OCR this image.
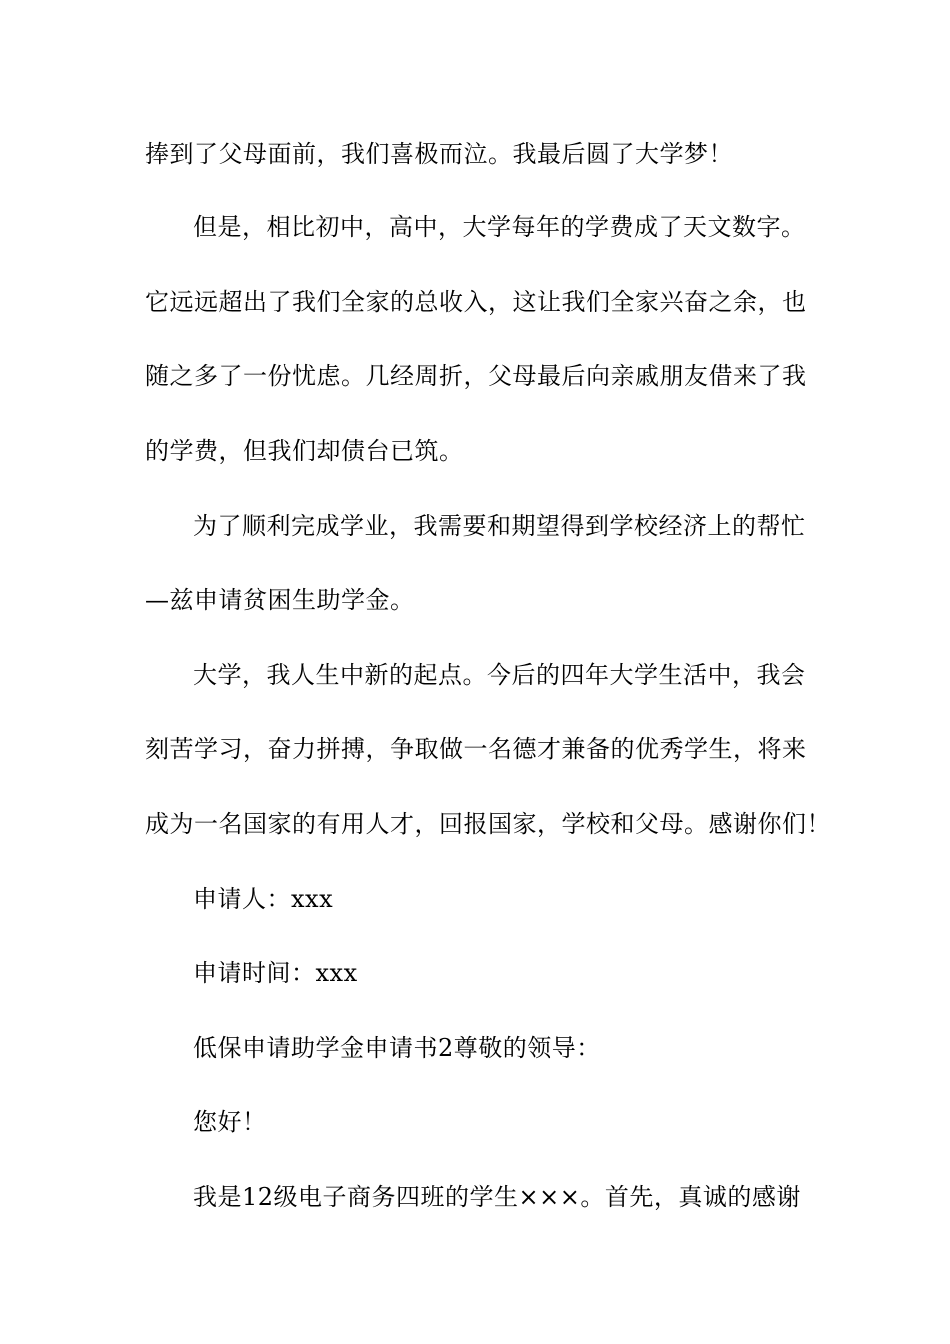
捧到了父母面前，我们喜极而泣。我最后圆了大学梦！
但是，相比初中，高中，大学每年的学费成了天文数字。
它远远超出了我们全家的总收入，这让我们全家兴奋之余，也
随之多了一份忧虑。几经周折，父母最后向亲戚朋友借来了我
的学费，但我们却债台已筑。
为了顺利完成学业，我需要和期望得到学校经济上的帮忙
—兹申请贫困生助学金。
大学，我人生中新的起点。今后的四年大学生活中，我会
刻苦学习，奋力拼搏，争取做一名德才兼备的优秀学生，将来
成为一名国家的有用人才，回报国家，学校和父母。感谢你们！
申请人：xxx
申请时间：xxx
低保申请助学金申请书2尊敬的领导：
您好！
我是12级电子商务四班的学生×××。首先，真诚的感谢
